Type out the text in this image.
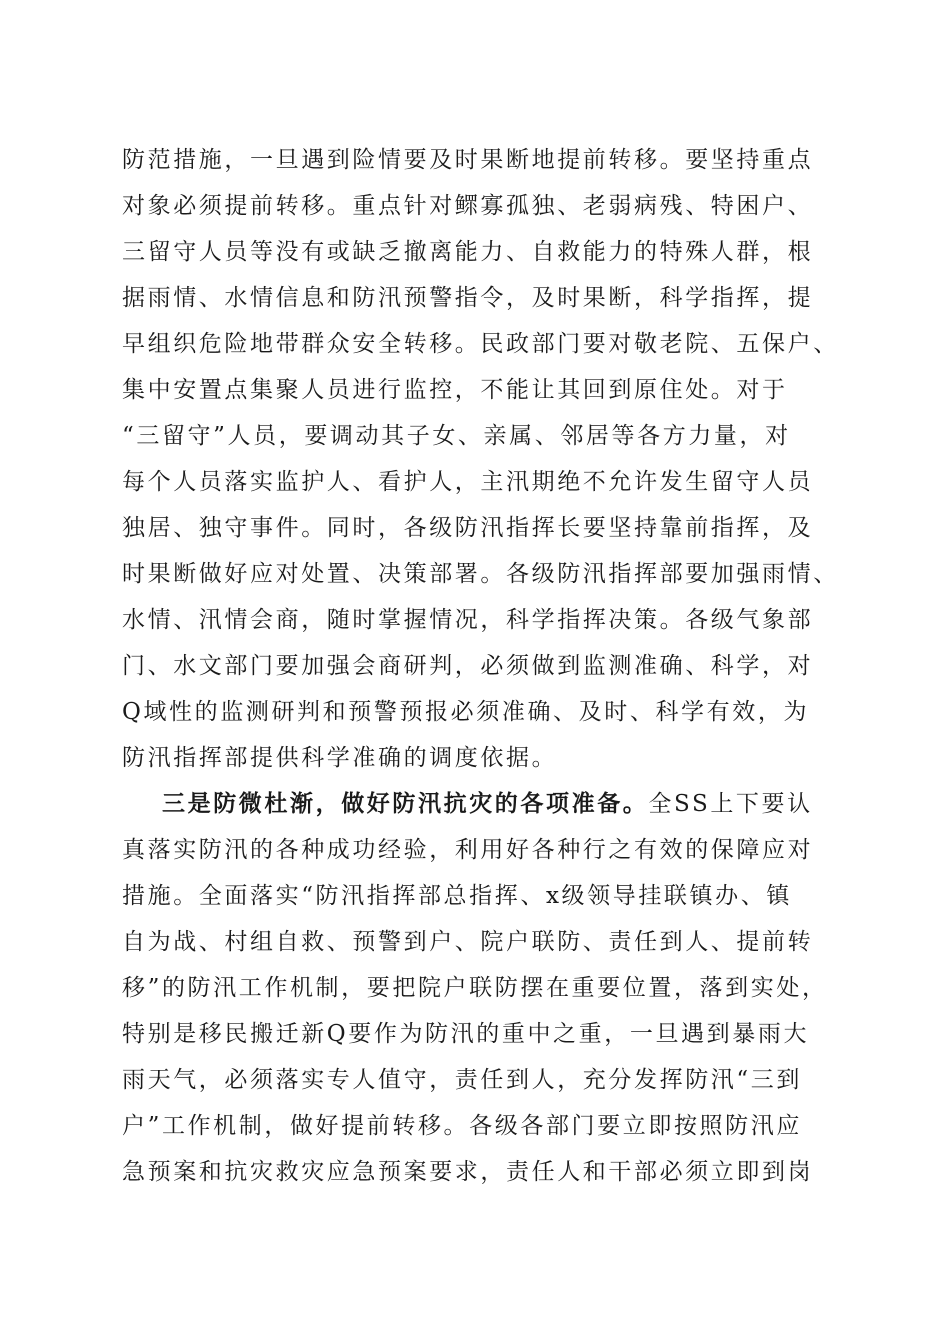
防范措施，一旦遇到险情要及时果断地提前转移。要坚持重点
对象必须提前转移。重点针对鳏寡孤独、老弱病残、特困户、
三留守人员等没有或缺乏撤离能力、自救能力的特殊人群，根
据雨情、水情信息和防汛预警指令，及时果断，科学指挥，提
早组织危险地带群众安全转移。民政部门要对敬老院、五保户、
集中安置点集聚人员进行监控，不能让其回到原住处。对于
“三留守”人员，要调动其子女、亲属、邻居等各方力量，对
每个人员落实监护人、看护人，主汛期绝不允许发生留守人员
独居、独守事件。同时，各级防汛指挥长要坚持靠前指挥，及
时果断做好应对处置、决策部署。各级防汛指挥部要加强雨情、
水情、汛情会商，随时掌握情况，科学指挥决策。各级气象部
门、水文部门要加强会商研判，必须做到监测准确、科学，对
Q域性的监测研判和预警预报必须准确、及时、科学有效，为
防汛指挥部提供科学准确的调度依据。
三是防微杜渐，做好防汛抗灾的各项准备。全SS上下要认
真落实防汛的各种成功经验，利用好各种行之有效的保障应对
措施。全面落实“防汛指挥部总指挥、x级领导挂联镇办、镇
自为战、村组自救、预警到户、院户联防、责任到人、提前转
移”的防汛工作机制，要把院户联防摆在重要位置，落到实处，
特别是移民搬迁新Q要作为防汛的重中之重，一旦遇到暴雨大
雨天气，必须落实专人值守，责任到人，充分发挥防汛“三到
户”工作机制，做好提前转移。各级各部门要立即按照防汛应
急预案和抗灾救灾应急预案要求，责任人和干部必须立即到岗
